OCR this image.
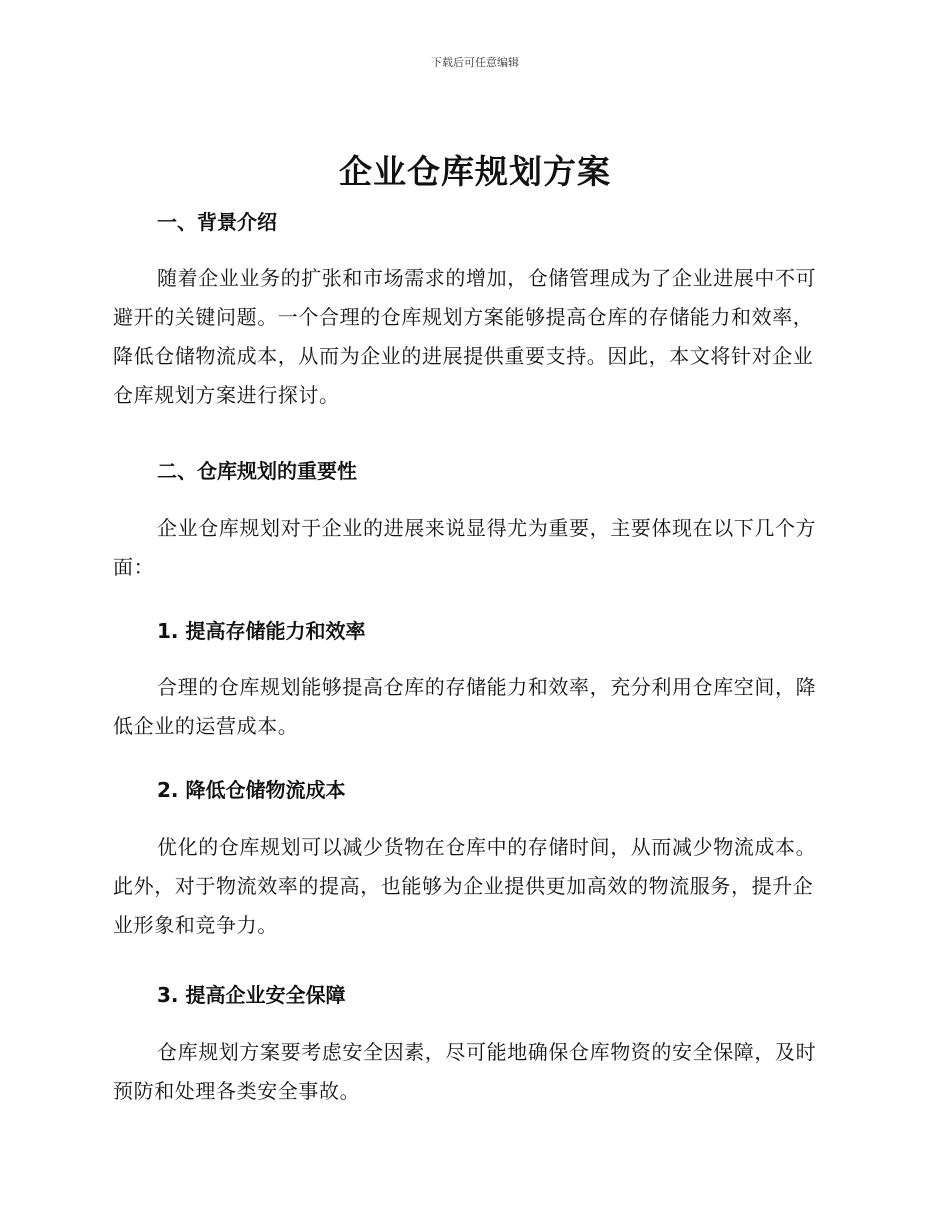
下载后可任意编辑
企业仓库规划方案
一、背景介绍

随着企业业务的扩张和市场需求的增加，仓储管理成为了企业进展中不可避开的关键问题。一个合理的仓库规划方案能够提高仓库的存储能力和效率，降低仓储物流成本，从而为企业的进展提供重要支持。因此，本文将针对企业仓库规划方案进行探讨。

二、仓库规划的重要性

企业仓库规划对于企业的进展来说显得尤为重要，主要体现在以下几个方面：

1. 提高存储能力和效率

合理的仓库规划能够提高仓库的存储能力和效率，充分利用仓库空间，降低企业的运营成本。

2. 降低仓储物流成本

优化的仓库规划可以减少货物在仓库中的存储时间，从而减少物流成本。此外，对于物流效率的提高，也能够为企业提供更加高效的物流服务，提升企业形象和竞争力。

3. 提高企业安全保障

仓库规划方案要考虑安全因素，尽可能地确保仓库物资的安全保障，及时预防和处理各类安全事故。
